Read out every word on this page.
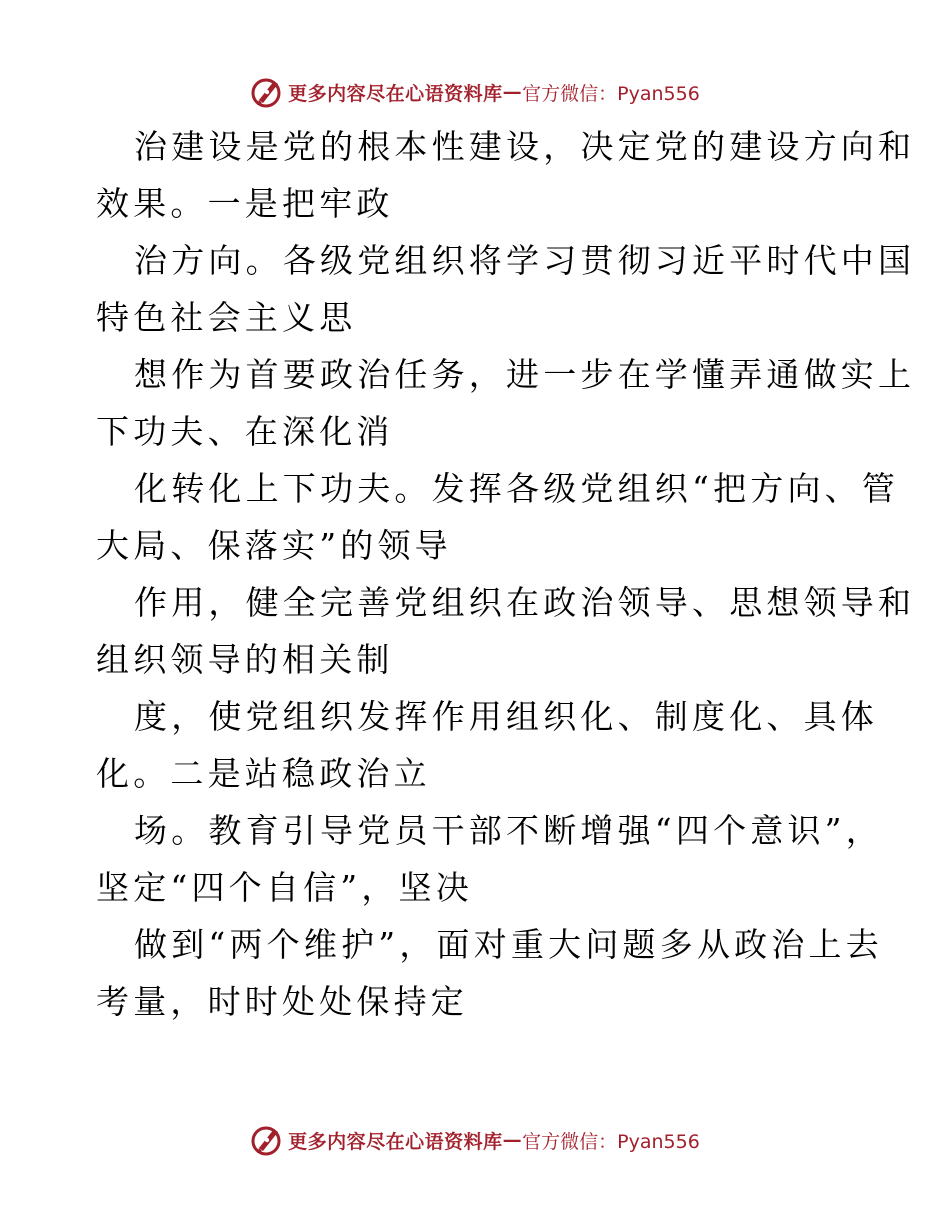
更多内容尽在心语资料库 — 官方微信：Pyan556
治建设是党的根本性建设，决定党的建设方向和
效果。一是把牢政
治方向。各级党组织将学习贯彻习近平时代中国
特色社会主义思
想作为首要政治任务，进一步在学懂弄通做实上
下功夫、在深化消
化转化上下功夫。发挥各级党组织“把方向、管
大局、保落实”的领导
作用，健全完善党组织在政治领导、思想领导和
组织领导的相关制
度，使党组织发挥作用组织化、制度化、具体
化。二是站稳政治立
场。教育引导党员干部不断增强“四个意识”，
坚定“四个自信”，坚决
做到“两个维护”，面对重大问题多从政治上去
考量，时时处处保持定
更多内容尽在心语资料库 — 官方微信：Pyan556
